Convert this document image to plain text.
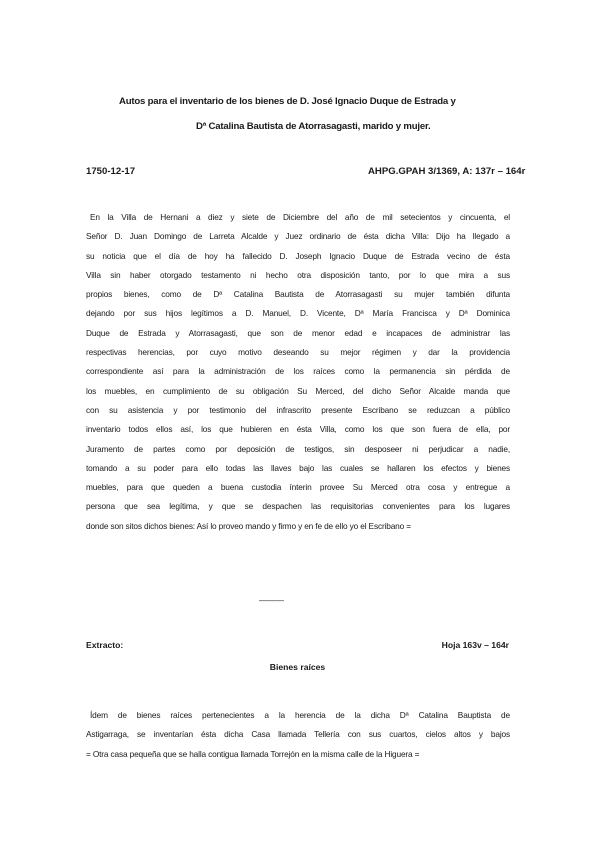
Autos para el inventario de los bienes de D. José Ignacio Duque de Estrada y
Dª Catalina Bautista de Atorrasagasti, marido y mujer.
1750-12-17	AHPG.GPAH 3/1369, A: 137r – 164r
En la Villa de Hernani a diez y siete de Diciembre del año de mil setecientos y cincuenta, el
Señor D. Juan Domingo de Larreta Alcalde y Juez ordinario de ésta dicha Villa: Dijo ha llegado a
su noticia que el día de hoy ha fallecido D. Joseph Ignacio Duque de Estrada vecino de ésta
Villa sin haber otorgado testamento ni hecho otra disposición tanto, por lo que mira a sus
propios bienes, como de Dª Catalina Bautista de Atorrasagasti su mujer también difunta
dejando por sus hijos legítimos a D. Manuel, D. Vicente, Dª María Francisca y Dª Dominica
Duque de Estrada y Atorrasagasti, que son de menor edad e incapaces de administrar las
respectivas herencias, por cuyo motivo deseando su mejor régimen y dar la providencia
correspondiente así para la administración de los raíces como la permanencia sin pérdida de
los muebles, en cumplimiento de su obligación Su Merced, del dicho Señor Alcalde manda que
con su asistencia y por testimonio del infrascrito presente Escribano se reduzcan a público
inventario todos ellos así, los que hubieren en ésta Villa, como los que son fuera de ella, por
Juramento de partes como por deposición de testigos, sin desposeer ni perjudicar a nadie,
tomando a su poder para ello todas las llaves bajo las cuales se hallaren los efectos y bienes
muebles, para que queden a buena custodia ínterin provee Su Merced otra cosa y entregue a
persona que sea legítima, y que se despachen las requisitorias convenientes para los lugares
donde son sitos dichos bienes: Así lo proveo mando y firmo y en fe de ello yo el Escribano =
———
Extracto:	Hoja 163v – 164r
Bienes raíces
Ídem de bienes raíces pertenecientes a la herencia de la dicha Dª Catalina Bauptista de
Astigarraga, se inventarían ésta dicha Casa llamada Tellería con sus cuartos, cielos altos y bajos
= Otra casa pequeña que se halla contigua llamada Torrejón en la misma calle de la Higuera =
